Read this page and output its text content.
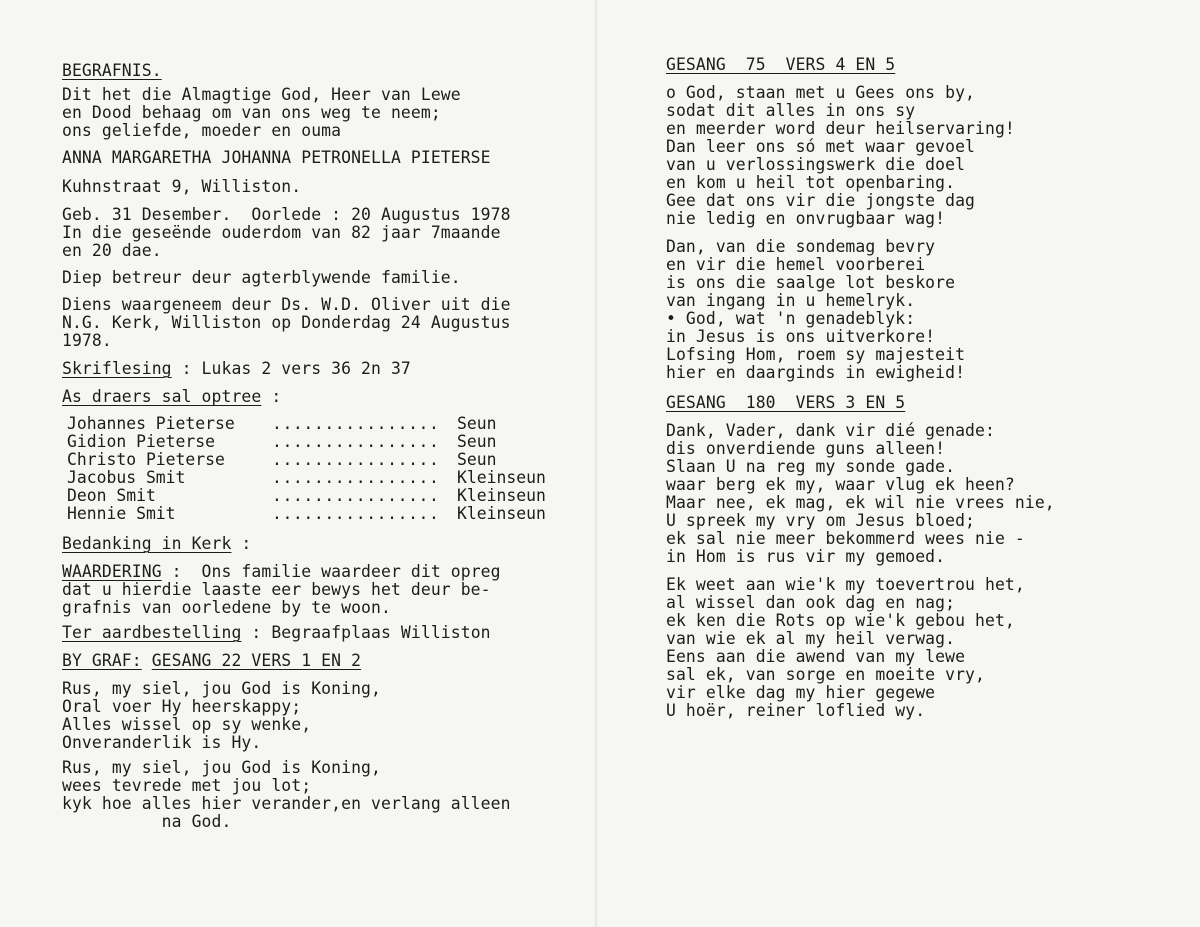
BEGRAFNIS.
Dit het die Almagtige God, Heer van Lewe
en Dood behaag om van ons weg te neem;
ons geliefde, moeder en ouma
ANNA MARGARETHA JOHANNA PETRONELLA PIETERSE
Kuhnstraat 9, Williston.
Geb. 31 Desember.  Oorlede : 20 Augustus 1978
In die geseënde ouderdom van 82 jaar 7maande
en 20 dae.
Diep betreur deur agterblywende familie.
Diens waargeneem deur Ds. W.D. Oliver uit die
N.G. Kerk, Williston op Donderdag 24 Augustus
1978.
Skriflesing : Lukas 2 vers 36 2n 37
As draers sal optree :
Johannes Pieterse ................ Seun
Gidion Pieterse	................ Seun
Christo Pieterse	................ Seun
Jacobus Smit	................ Kleinseun
Deon Smit	................ Kleinseun
Hennie Smit	................ Kleinseun
Bedanking in Kerk :
WAARDERING :  Ons familie waardeer dit opreg
dat u hierdie laaste eer bewys het deur be-
grafnis van oorledene by te woon.
Ter aardbestelling : Begraafplaas Williston
BY GRAF: GESANG 22 VERS 1 EN 2
Rus, my siel, jou God is Koning,
Oral voer Hy heerskappy;
Alles wissel op sy wenke,
Onveranderlik is Hy.
Rus, my siel, jou God is Koning,
wees tevrede met jou lot;
kyk hoe alles hier verander,en verlang alleen
na God.
GESANG  75  VERS 4 EN 5
o God, staan met u Gees ons by,
sodat dit alles in ons sy
en meerder word deur heilservaring!
Dan leer ons só met waar gevoel
van u verlossingswerk die doel
en kom u heil tot openbaring.
Gee dat ons vir die jongste dag
nie ledig en onvrugbaar wag!
Dan, van die sondemag bevry
en vir die hemel voorberei
is ons die saalge lot beskore
van ingang in u hemelryk.
• God, wat 'n genadeblyk:
in Jesus is ons uitverkore!
Lofsing Hom, roem sy majesteit
hier en daarginds in ewigheid!
GESANG  180  VERS 3 EN 5
Dank, Vader, dank vir dié genade:
dis onverdiende guns alleen!
Slaan U na reg my sonde gade.
waar berg ek my, waar vlug ek heen?
Maar nee, ek mag, ek wil nie vrees nie,
U spreek my vry om Jesus bloed;
ek sal nie meer bekommerd wees nie -
in Hom is rus vir my gemoed.
Ek weet aan wie'k my toevertrou het,
al wissel dan ook dag en nag;
ek ken die Rots op wie'k gebou het,
van wie ek al my heil verwag.
Eens aan die awend van my lewe
sal ek, van sorge en moeite vry,
vir elke dag my hier gegewe
U hoër, reiner loflied wy.
